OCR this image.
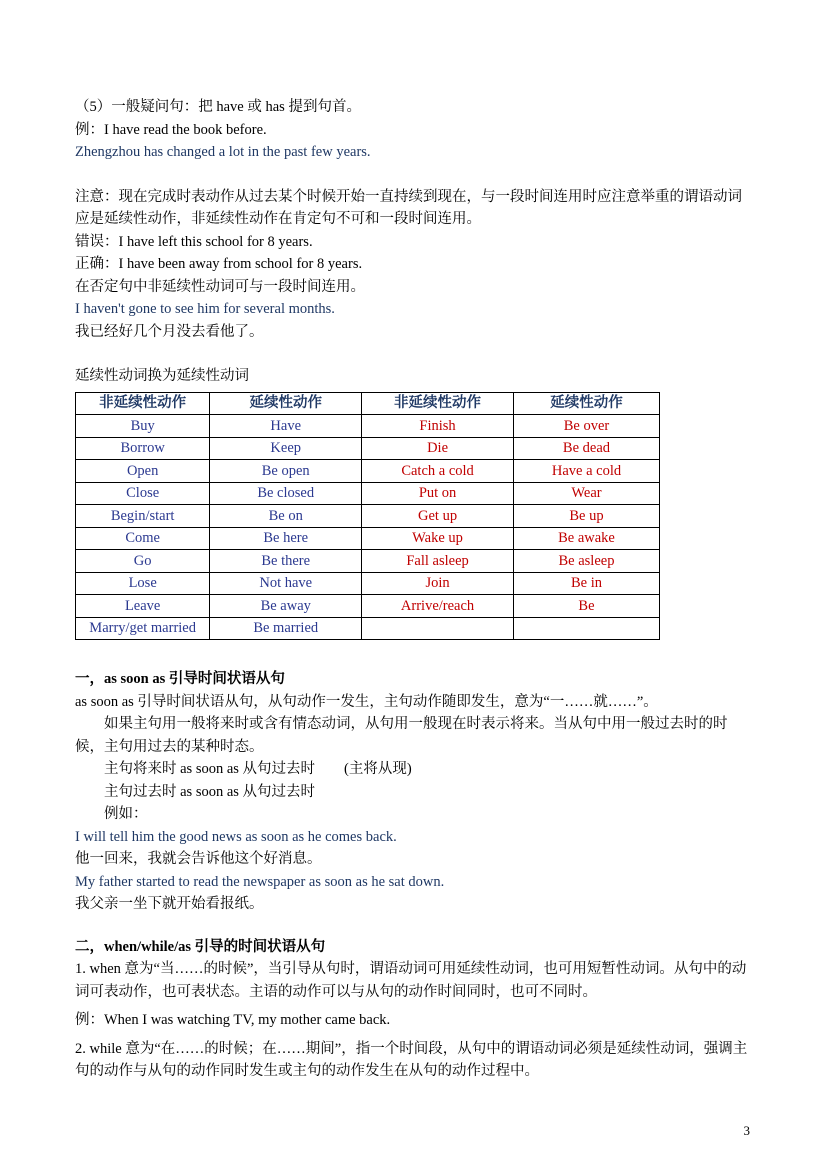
（5）一般疑问句：把 have 或 has 提到句首。

例：I have read the book before.

Zhengzhou has changed a lot in the past few years.

注意：现在完成时表动作从过去某个时候开始一直持续到现在，与一段时间连用时应注意举重的谓语动词应是延续性动作，非延续性动作在肯定句不可和一段时间连用。

错误：I have left this school for 8 years.

正确：I have been away from school for 8 years.

在否定句中非延续性动词可与一段时间连用。

I haven't gone to see him for several months.

我已经好几个月没去看他了。

延续性动词换为延续性动词

非延续性动作	延续性动作	非延续性动作	延续性动作
Buy	Have	Finish	Be over
Borrow	Keep	Die	Be dead
Open	Be open	Catch a cold	Have a cold
Close	Be closed	Put on	Wear
Begin/start	Be on	Get up	Be up
Come	Be here	Wake up	Be awake
Go	Be there	Fall asleep	Be asleep
Lose	Not have	Join	Be in
Leave	Be away	Arrive/reach	Be
Marry/get married	Be married		

一，as soon as 引导时间状语从句

as soon as 引导时间状语从句，从句动作一发生，主句动作随即发生，意为“一……就……”。

如果主句用一般将来时或含有情态动词，从句用一般现在时表示将来。当从句中用一般过去时的时候，主句用过去的某种时态。

主句将来时 as soon as 从句过去时　　(主将从现)

主句过去时 as soon as 从句过去时

例如：

I will tell him the good news as soon as he comes back.

他一回来，我就会告诉他这个好消息。

My father started to read the newspaper as soon as he sat down.

我父亲一坐下就开始看报纸。

二，when/while/as 引导的时间状语从句

1. when 意为“当……的时候”，当引导从句时，谓语动词可用延续性动词，也可用短暂性动词。从句中的动词可表动作，也可表状态。主语的动作可以与从句的动作时间同时，也可不同时。

例：When I was watching TV, my mother came back.

2. while 意为“在……的时候；在……期间”，指一个时间段，从句中的谓语动词必须是延续性动词，强调主句的动作与从句的动作同时发生或主句的动作发生在从句的动作过程中。

3
